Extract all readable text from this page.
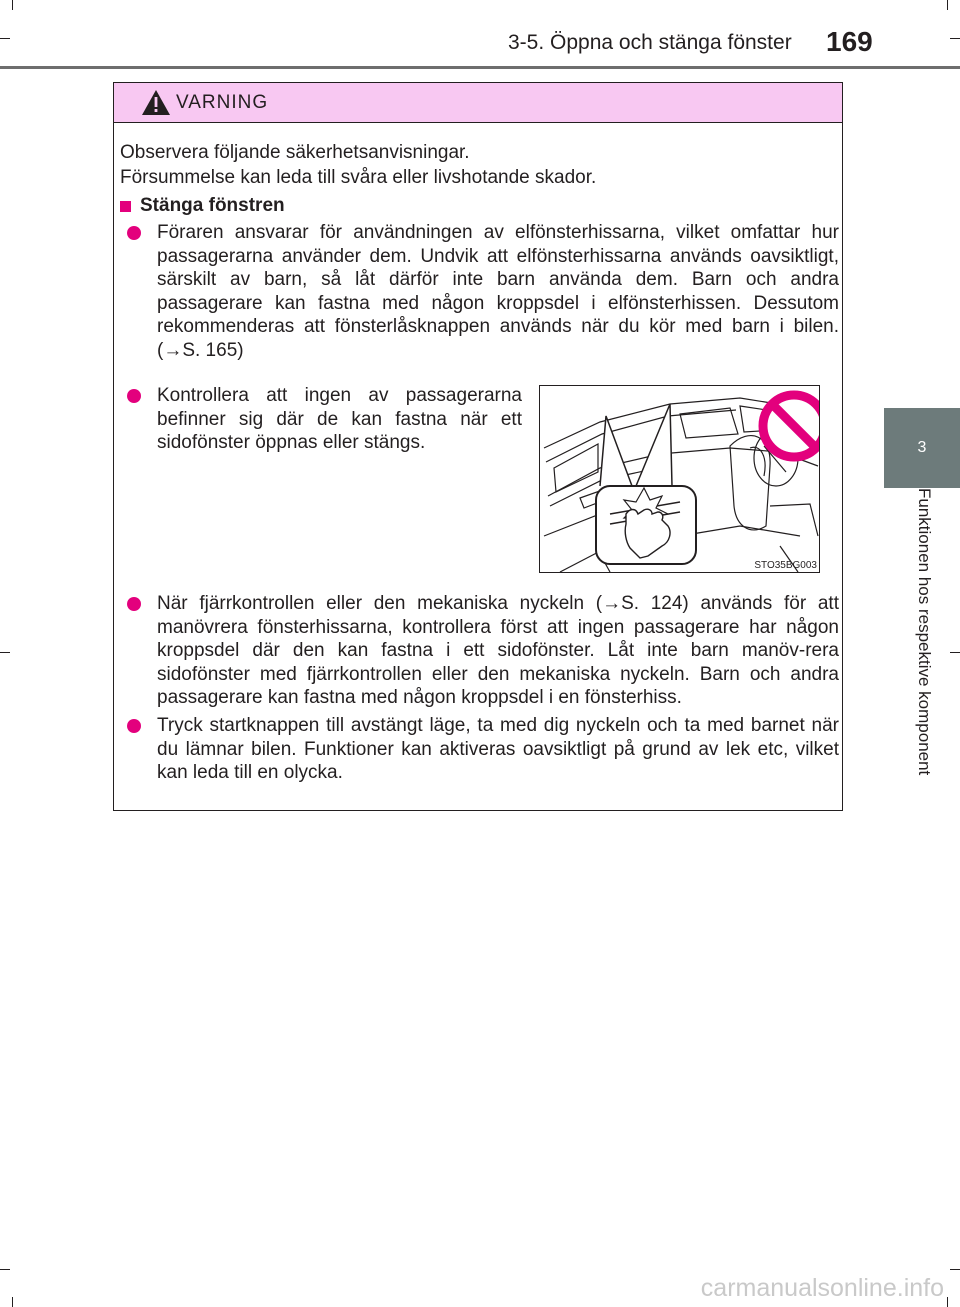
3-5. Öppna och stänga fönster 169
3
Funktionen hos respektive komponent
VARNING
Observera följande säkerhetsanvisningar.
Försummelse kan leda till svåra eller livshotande skador.
Stänga fönstren
Föraren ansvarar för användningen av elfönsterhissarna, vilket omfattar hur passagerarna använder dem. Undvik att elfönsterhissarna används oavsiktligt, särskilt av barn, så låt därför inte barn använda dem. Barn och andra passagerare kan fastna med någon kroppsdel i elfönsterhissen. Dessutom rekommenderas att fönsterlåsknappen används när du kör med barn i bilen. (→S. 165)
Kontrollera att ingen av passagerarna befinner sig där de kan fastna när ett sidofönster öppnas eller stängs.
När fjärrkontrollen eller den mekaniska nyckeln (→S. 124) används för att manövrera fönsterhissarna, kontrollera först att ingen passagerare har någon kroppsdel där den kan fastna i ett sidofönster. Låt inte barn manöv-rera sidofönster med fjärrkontrollen eller den mekaniska nyckeln. Barn och andra passagerare kan fastna med någon kroppsdel i en fönsterhiss.
Tryck startknappen till avstängt läge, ta med dig nyckeln och ta med barnet när du lämnar bilen. Funktioner kan aktiveras oavsiktligt på grund av lek etc, vilket kan leda till en olycka.
STO35BG003
carmanualsonline.info
